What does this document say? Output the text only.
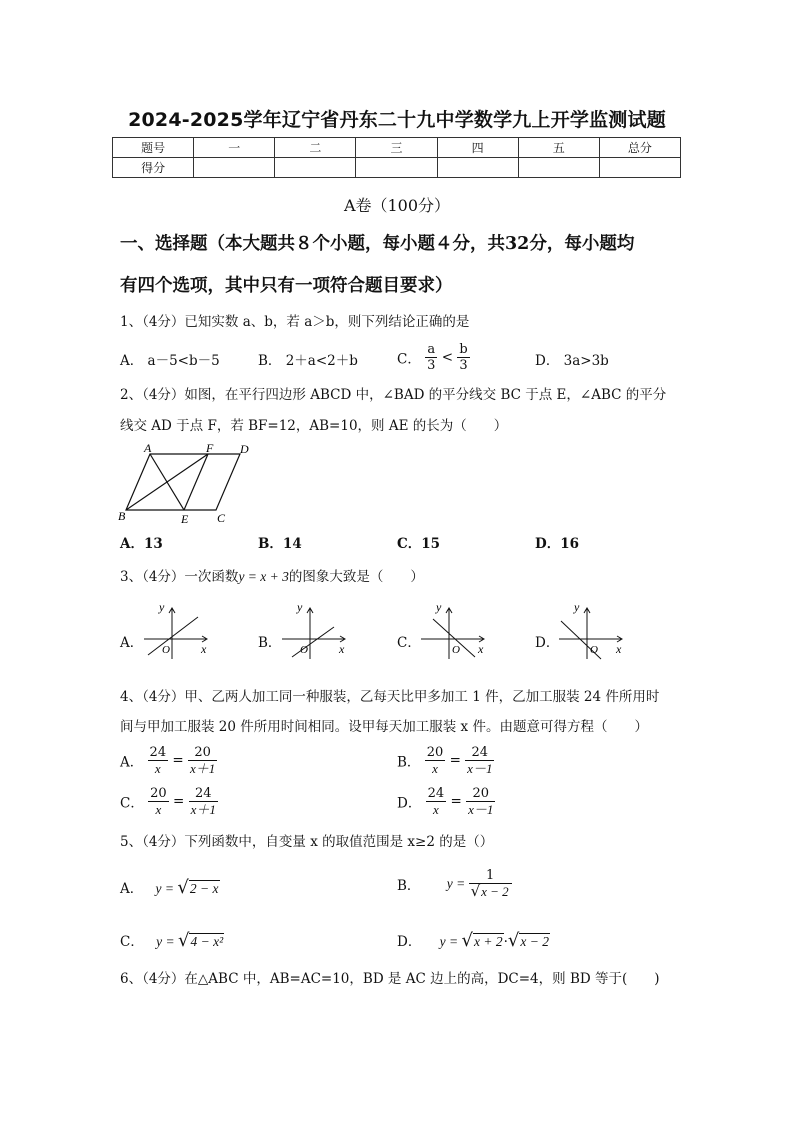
2024-2025学年辽宁省丹东二十九中学数学九上开学监测试题
题号	一	二	三	四	五	总分
得分						
A卷（100分）
一、选择题（本大题共８个小题，每小题４分，共32分，每小题均
有四个选项，其中只有一项符合题目要求）
1、（4分）已知实数 a、b，若 a＞b，则下列结论正确的是
A． a－5<b－5	B． 2＋a<2＋b	C． $\frac{a}{3} < \frac{b}{3}$	D． 3a>3b
2、（4分）如图，在平行四边形 ABCD 中，∠BAD 的平分线交 BC 于点 E，∠ABC 的平分
线交 AD 于点 F，若 BF=12，AB=10，则 AE 的长为（　　）
A	F D
B	E C
A．13	B．14	C．15	D．16
3、（4分）一次函数y = x + 3的图象大致是（　　）
A．
y
x
O	B．
y
x
O	C．
y
x
O	D．
y
x
O
4、（4分）甲、乙两人加工同一种服装，乙每天比甲多加工 1 件，乙加工服装 24 件所用时
间与甲加工服装 20 件所用时间相同。设甲每天加工服装 x 件。由题意可得方程（　　）
A． $\frac{24}{x} = \frac{20}{x+1}$	B． $\frac{20}{x} = \frac{24}{x-1}$
C． $\frac{20}{x} = \frac{24}{x+1}$	D． $\frac{24}{x} = \frac{20}{x-1}$
5、（4分）下列函数中，自变量 x 的取值范围是 x≥2 的是（）
A． y = √2 − x	B． $y = \frac{1}{√x - 2}$
C． y = √4 − x²	D． y = √x + 2·√x − 2
6、（4分）在△ABC 中，AB=AC=10，BD 是 AC 边上的高，DC=4，则 BD 等于(　　)
